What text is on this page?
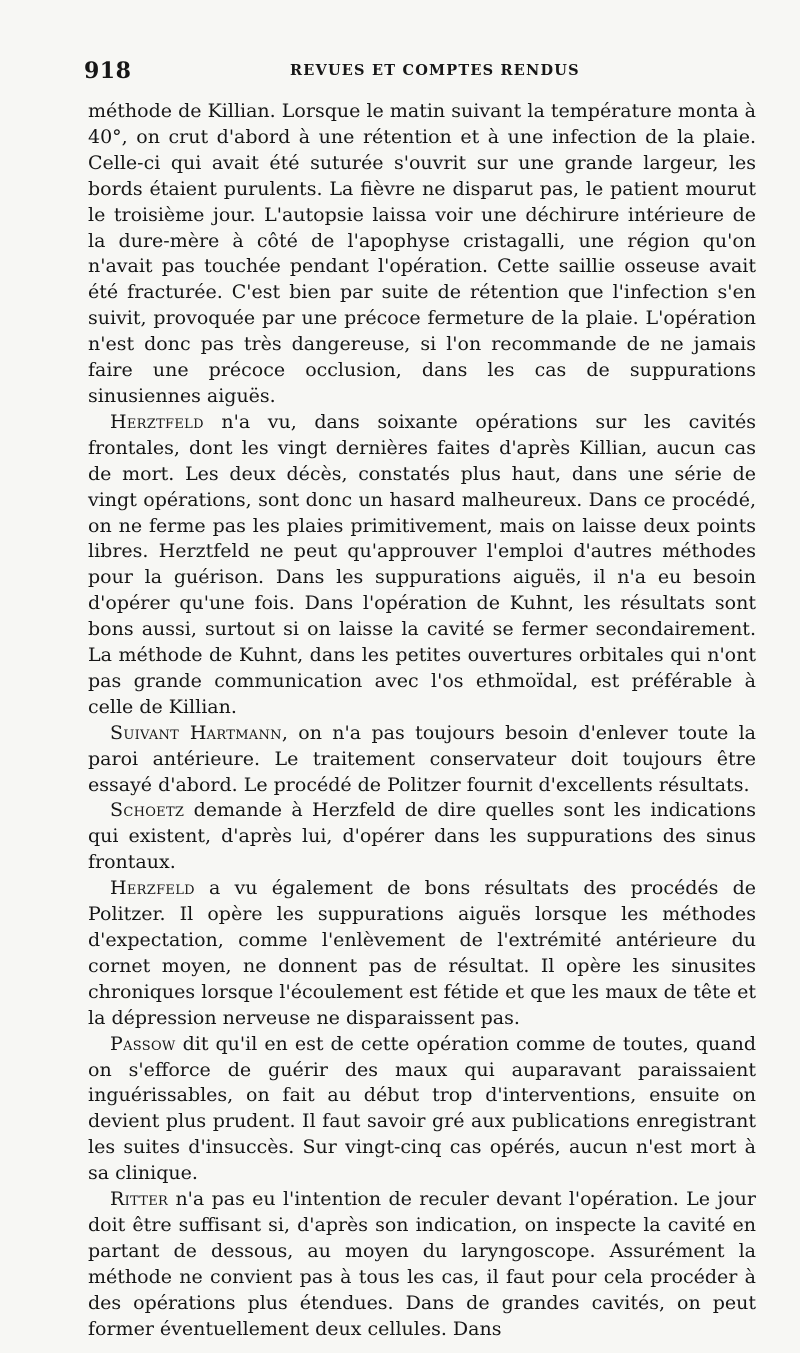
918	REVUES ET COMPTES RENDUS

méthode de Killian. Lorsque le matin suivant la température monta à 40°, on crut d'abord à une rétention et à une infection de la plaie. Celle-ci qui avait été suturée s'ouvrit sur une grande largeur, les bords étaient purulents. La fièvre ne disparut pas, le patient mourut le troisième jour. L'autopsie laissa voir une déchirure intérieure de la dure-mère à côté de l'apophyse cristagalli, une région qu'on n'avait pas touchée pendant l'opération. Cette saillie osseuse avait été fracturée. C'est bien par suite de rétention que l'infection s'en suivit, provoquée par une précoce fermeture de la plaie. L'opération n'est donc pas très dangereuse, si l'on recommande de ne jamais faire une précoce occlusion, dans les cas de suppurations sinusiennes aiguës.

Herztfeld n'a vu, dans soixante opérations sur les cavités frontales, dont les vingt dernières faites d'après Killian, aucun cas de mort. Les deux décès, constatés plus haut, dans une série de vingt opérations, sont donc un hasard malheureux. Dans ce procédé, on ne ferme pas les plaies primitivement, mais on laisse deux points libres. Herztfeld ne peut qu'approuver l'emploi d'autres méthodes pour la guérison. Dans les suppurations aiguës, il n'a eu besoin d'opérer qu'une fois. Dans l'opération de Kuhnt, les résultats sont bons aussi, surtout si on laisse la cavité se fermer secondairement. La méthode de Kuhnt, dans les petites ouvertures orbitales qui n'ont pas grande communication avec l'os ethmoïdal, est préférable à celle de Killian.

Suivant Hartmann, on n'a pas toujours besoin d'enlever toute la paroi antérieure. Le traitement conservateur doit toujours être essayé d'abord. Le procédé de Politzer fournit d'excellents résultats.

Schoetz demande à Herzfeld de dire quelles sont les indications qui existent, d'après lui, d'opérer dans les suppurations des sinus frontaux.

Herzfeld a vu également de bons résultats des procédés de Politzer. Il opère les suppurations aiguës lorsque les méthodes d'expectation, comme l'enlèvement de l'extrémité antérieure du cornet moyen, ne donnent pas de résultat. Il opère les sinusites chroniques lorsque l'écoulement est fétide et que les maux de tête et la dépression nerveuse ne disparaissent pas.

Passow dit qu'il en est de cette opération comme de toutes, quand on s'efforce de guérir des maux qui auparavant paraissaient inguérissables, on fait au début trop d'interventions, ensuite on devient plus prudent. Il faut savoir gré aux publications enregistrant les suites d'insuccès. Sur vingt-cinq cas opérés, aucun n'est mort à sa clinique.

Ritter n'a pas eu l'intention de reculer devant l'opération. Le jour doit être suffisant si, d'après son indication, on inspecte la cavité en partant de dessous, au moyen du laryngoscope. Assurément la méthode ne convient pas à tous les cas, il faut pour cela procéder à des opérations plus étendues. Dans de grandes cavités, on peut former éventuellement deux cellules. Dans
